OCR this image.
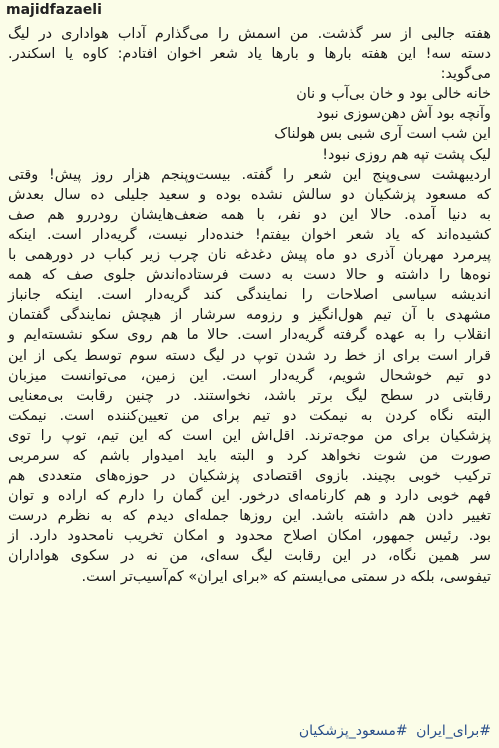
majidfazaeli
هفته جالبی از سر گذشت. من اسمش را می‌گذارم آداب هواداری در لیگ
دسته سه! این هفته بارها و بارها یاد شعر اخوان افتادم: کاوه یا اسکندر.
می‌گوید:
خانه خالی بود و خان بی‌آب و نان
وآنچه بود آش دهن‌سوزی نبود
این شب است آری شبی بس هولناک
لیک پشت تپه هم روزی نبود!
اردیبهشت سی‌وپنج این شعر را گفته. بیست‌وپنجم هزار روز پیش! وقتی
که مسعود پزشکیان دو سالش نشده بوده و سعید جلیلی ده سال بعدش
به دنیا آمده. حالا این دو نفر، با همه ضعف‌هایشان رودررو هم صف
کشیده‌اند که یاد شعر اخوان بیفتم! خنده‌دار نیست، گریه‌دار است. اینکه
پیرمرد مهربان آذری دو ماه پیش دغدغه نان چرب زیر کباب در دورهمی با
نوه‌ها را داشته و حالا دست به دست فرستاده‌اندش جلوی صف که همه
اندیشه سیاسی اصلاحات را نمایندگی کند گریه‌دار است. اینکه جانباز
مشهدی با آن تیم هول‌انگیز و رزومه سرشار از هیچش نمایندگی گفتمان
انقلاب را به عهده گرفته گریه‌دار است. حالا ما هم روی سکو نشسته‌ایم و
قرار است برای از خط رد شدن توپ در لیگ دسته سوم توسط یکی از این
دو تیم خوشحال شویم، گریه‌دار است. این زمین، می‌توانست میزبان
رقابتی در سطح لیگ برتر باشد، نخواستند. در چنین رقابت بی‌معنایی
البته نگاه کردن به نیمکت دو تیم برای من تعیین‌کننده است. نیمکت
پزشکیان برای من موجه‌ترند. اقل‌اش این است که این تیم، توپ را توی
صورت من شوت نخواهد کرد و البته باید امیدوار باشم که سرمربی
ترکیب خوبی بچیند. بازوی اقتصادی پزشکیان در حوزه‌های متعددی هم
فهم خوبی دارد و هم کارنامه‌ای درخور. این گمان را دارم که اراده و توان
تغییر دادن هم داشته باشد. این روزها جمله‌ای دیدم که به نظرم درست
بود. رئیس جمهور، امکان اصلاح محدود و امکان تخریب نامحدود دارد. از
سر همین نگاه، در این رقابت لیگ سه‌ای، من نه در سکوی هواداران
تیفوسی، بلکه در سمتی می‌ایستم که «برای ایران» کم‌آسیب‌تر است.
#برای_ایران #مسعود_پزشکیان
